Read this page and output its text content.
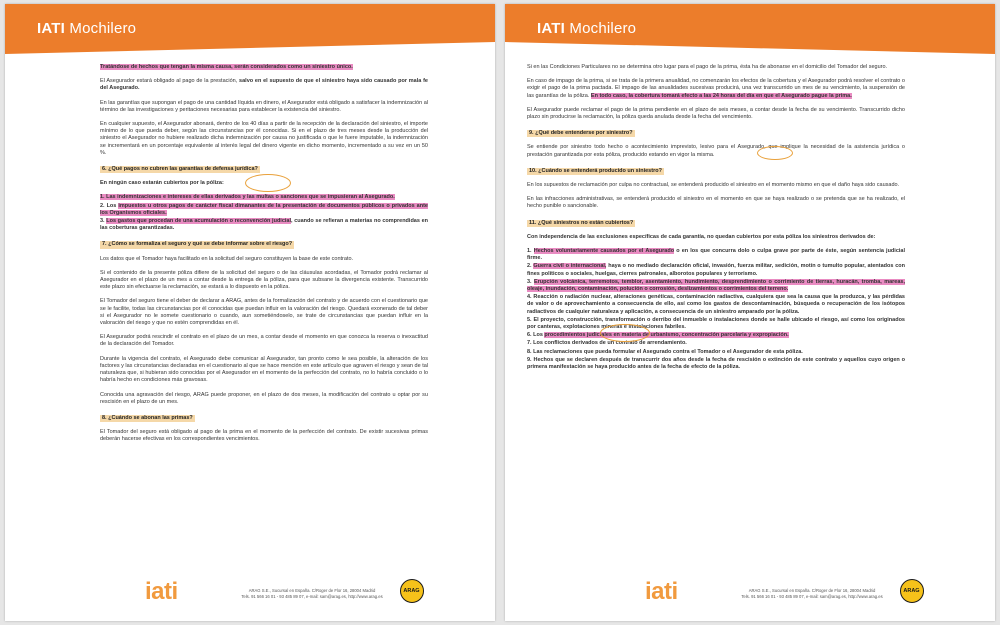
IATI Mochilero

Tratándose de hechos que tengan la misma causa, serán considerados como un siniestro único.

El Asegurador estará obligado al pago de la prestación, salvo en el supuesto de que el siniestro haya sido causado por mala fe del Asegurado.

En las garantías que supongan el pago de una cantidad líquida en dinero, el Asegurador está obligado a satisfacer la indemnización al término de las investigaciones y peritaciones necesarias para establecer la existencia del siniestro.

En cualquier supuesto, el Asegurador abonará, dentro de los 40 días a partir de la recepción de la declaración del siniestro, el importe mínimo de lo que pueda deber, según las circunstancias por él conocidas. Si en el plazo de tres meses desde la producción del siniestro el Asegurador no hubiere realizado dicha indemnización por causa no justificada o que le fuere imputable, la indemnización se incrementará en un porcentaje equivalente al interés legal del dinero vigente en dicho momento, incrementado a su vez en un 50 %.

6. ¿Qué pagos no cubren las garantías de defensa jurídica?

En ningún caso estarán cubiertos por la póliza:

1. Las indemnizaciones e intereses de ellas derivados y las multas o sanciones que se impusieran al Asegurado.
2. Los impuestos u otros pagos de carácter fiscal dimanantes de la presentación de documentos públicos o privados ante los Organismos oficiales.
3. Los gastos que procedan de una acumulación o reconvención judicial, cuando se refieran a materias no comprendidas en las coberturas garantizadas.
7. ¿Cómo se formaliza el seguro y qué se debe informar sobre el riesgo?

Los datos que el Tomador haya facilitado en la solicitud del seguro constituyen la base de este contrato.

Si el contenido de la presente póliza difiere de la solicitud del seguro o de las cláusulas acordadas, el Tomador podrá reclamar al Asegurador en el plazo de un mes a contar desde la entrega de la póliza, para que subsane la divergencia existente. Transcurrido este plazo sin efectuarse la reclamación, se estará a lo dispuesto en la póliza.

El Tomador del seguro tiene el deber de declarar a ARAG, antes de la formalización del contrato y de acuerdo con el cuestionario que se le facilite, todas las circunstancias por él conocidas que puedan influir en la valoración del riesgo. Quedará exonerado de tal deber si el Asegurador no le somete cuestionario o cuando, aun sometiéndoselo, se trate de circunstancias que puedan influir en la valoración del riesgo y que no estén comprendidas en él.

El Asegurador podrá rescindir el contrato en el plazo de un mes, a contar desde el momento en que conozca la reserva o inexactitud de la declaración del Tomador.

Durante la vigencia del contrato, el Asegurado debe comunicar al Asegurador, tan pronto como le sea posible, la alteración de los factores y las circunstancias declaradas en el cuestionario al que se hace mención en este artículo que agraven el riesgo y sean de tal naturaleza que, si hubieran sido conocidas por el Asegurador en el momento de la perfección del contrato, no lo habría concluido o lo habría hecho en condiciones más gravosas.

Conocida una agravación del riesgo, ARAG puede proponer, en el plazo de dos meses, la modificación del contrato u optar por su rescisión en el plazo de un mes.

8. ¿Cuándo se abonan las primas?

El Tomador del seguro está obligado al pago de la prima en el momento de la perfección del contrato. De existir sucesivas primas deberán hacerse efectivas en los correspondientes vencimientos.

iati	ARAG S.E., Sucursal en España. C/Roger de Flor 16, 28004 Madrid
Tels. 91 566 16 01 - 93 485 89 07, e-mail: sam@arag.es, http://www.arag.es
ARAG
IATI Mochilero

Si en las Condiciones Particulares no se determina otro lugar para el pago de la prima, ésta ha de abonarse en el domicilio del Tomador del seguro.

En caso de impago de la prima, si se trata de la primera anualidad, no comenzarán los efectos de la cobertura y el Asegurador podrá resolver el contrato o exigir el pago de la prima pactada. El impago de las anualidades sucesivas producirá, una vez transcurrido un mes de su vencimiento, la suspensión de las garantías de la póliza. En todo caso, la cobertura tomará efecto a las 24 horas del día en que el Asegurado pague la prima.

El Asegurador puede reclamar el pago de la prima pendiente en el plazo de seis meses, a contar desde la fecha de su vencimiento. Transcurrido dicho plazo sin producirse la reclamación, la póliza queda anulada desde la fecha del vencimiento.

9. ¿Qué debe entenderse por siniestro?

Se entiende por siniestro todo hecho o acontecimiento imprevisto, lesivo para el Asegurado, que implique la necesidad de la asistencia jurídica o prestación garantizada por esta póliza, producido estando en vigor la misma.

10. ¿Cuándo se entenderá producido un siniestro?

En los supuestos de reclamación por culpa no contractual, se entenderá producido el siniestro en el momento mismo en que el daño haya sido causado.

En las infracciones administrativas, se entenderá producido el siniestro en el momento en que se haya realizado o se pretenda que se ha realizado, el hecho punible o sancionable.

11. ¿Qué siniestros no están cubiertos?

Con independencia de las exclusiones específicas de cada garantía, no quedan cubiertos por esta póliza los siniestros derivados de:

1. Hechos voluntariamente causados por el Asegurado o en los que concurra dolo o culpa grave por parte de éste, según sentencia judicial firme.
2. Guerra civil o internacional, haya o no mediado declaración oficial, invasión, fuerza militar, sedición, motín o tumulto popular, atentados con fines políticos o sociales, huelgas, cierres patronales, alborotos populares y terrorismo.
3. Erupción volcánica, terremotos, temblor, asentamiento, hundimiento, desprendimiento o corrimiento de tierras, huracán, tromba, mareas, oleaje, inundación, contaminación, polución o corrosión, deslizamientos o corrimientos del terreno.
4. Reacción o radiación nuclear, alteraciones genéticas, contaminación radiactiva, cualquiera que sea la causa que la produzca, y las pérdidas de valor o de aprovechamiento a consecuencia de ello, así como los gastos de descontaminación, búsqueda o recuperación de los isótopos radiactivos de cualquier naturaleza y aplicación, a consecuencia de un siniestro amparado por la póliza.
5. El proyecto, construcción, transformación o derribo del inmueble o instalaciones donde se halle ubicado el riesgo, así como los originados por canteras, explotaciones mineras e instalaciones fabriles.
6. Los procedimientos judiciales en materia de urbanismo, concentración parcelaria y expropiación.
7. Los conflictos derivados de un contrato de arrendamiento.
8. Las reclamaciones que pueda formular el Asegurado contra el Tomador o el Asegurador de esta póliza.
9. Hechos que se declaren después de transcurrir dos años desde la fecha de rescisión o extinción de este contrato y aquellos cuyo origen o primera manifestación se haya producido antes de la fecha de efecto de la póliza.
iati	ARAG S.E., Sucursal en España. C/Roger de Flor 16, 28004 Madrid
Tels. 91 566 16 01 - 93 485 89 07, e-mail: sam@arag.es, http://www.arag.es
ARAG
